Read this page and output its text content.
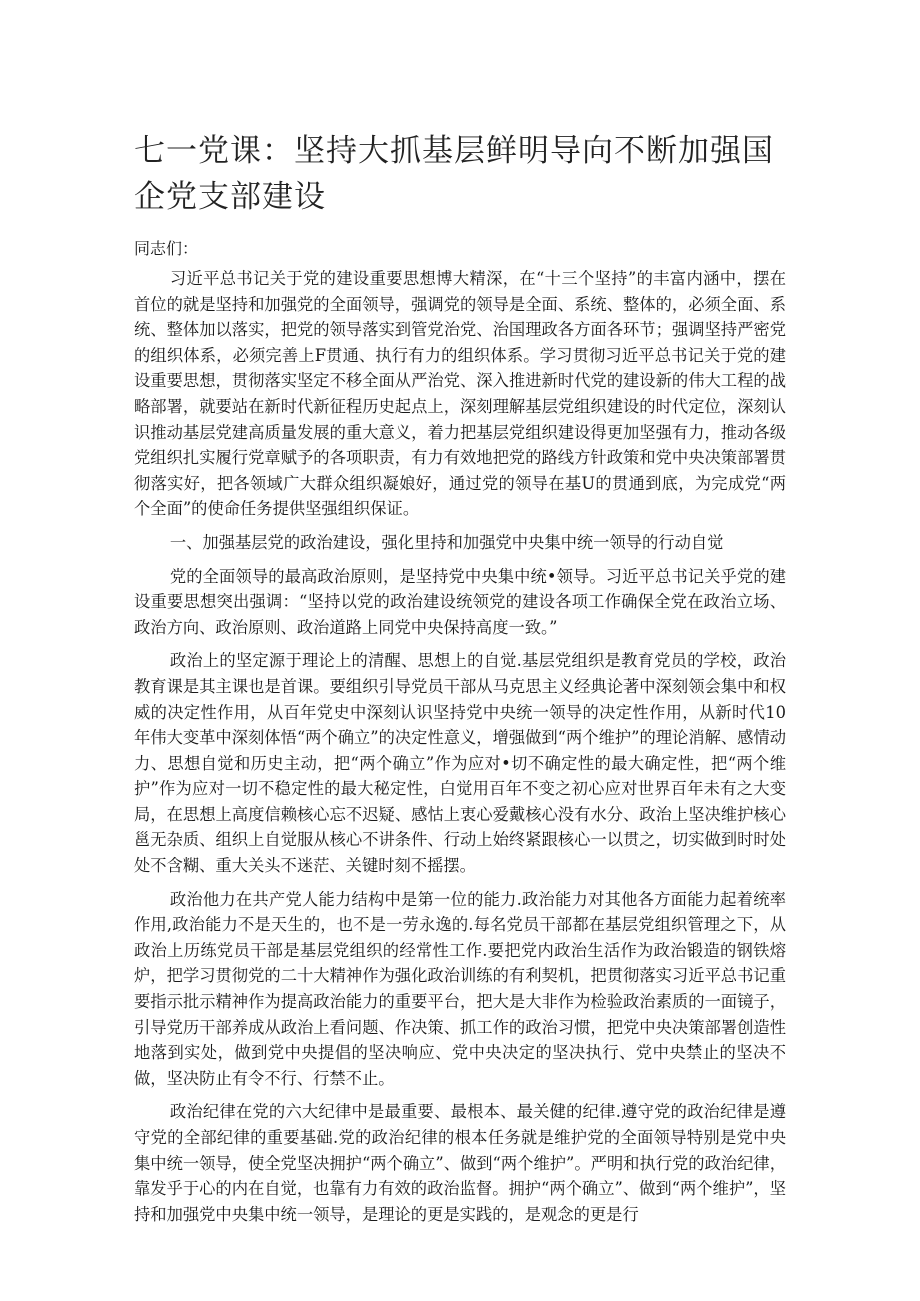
七一党课：坚持大抓基层鲜明导向不断加强国企党支部建设

同志们：

习近平总书记关于党的建设重要思想博大精深，在“十三个坚持”的丰富内涵中，摆在首位的就是坚持和加强党的全面领导，强调党的领导是全面、系统、整体的，必须全面、系统、整体加以落实，把党的领导落实到管党治党、治国理政各方面各环节；强调坚持严密党的组织体系，必须完善上F贯通、执行有力的组织体系。学习贯彻习近平总书记关于党的建设重要思想，贯彻落实坚定不移全面从严治党、深入推进新时代党的建设新的伟大工程的战略部署，就要站在新时代新征程历史起点上，深刻理解基层党组织建设的时代定位，深刻认识推动基层党建高质量发展的重大意义，着力把基层党组织建设得更加坚强有力，推动各级党组织扎实履行党章赋予的各项职责，有力有效地把党的路线方针政策和党中央决策部署贯彻落实好，把各领域广大群众组织凝娘好，通过党的领导在基U的贯通到底，为完成党“两个全面”的使命任务提供坚强组织保证。

一、加强基层党的政治建设，强化里持和加强党中央集中统一领导的行动自觉

党的全面领导的最高政治原则，是坚持党中央集中统•领导。习近平总书记关乎党的建设重要思想突出强调：“坚持以党的政治建设统领党的建设各项工作确保全党在政治立场、政治方向、政治原则、政治道路上同党中央保持高度一致。”

政治上的坚定源于理论上的清醒、思想上的自觉.基层党组织是教育党员的学校，政治教育课是其主课也是首课。要组织引导党员干部从马克思主义经典论著中深刻领会集中和权威的决定性作用，从百年党史中深刻认识坚持党中央统一领导的决定性作用，从新时代10年伟大变革中深刻体悟“两个确立”的决定性意义，增强做到“两个维护”的理论消解、感情动力、思想自觉和历史主动，把“两个确立”作为应对•切不确定性的最大确定性，把“两个维护”作为应对一切不稳定性的最大秘定性，白觉用百年不变之初心应对世界百年未有之大变局，在思想上高度信赖核心忘不迟疑、感怙上衷心爱戴核心没有水分、政治上坚决维护核心邕无杂质、组织上自觉服从核心不讲条件、行动上始终紧跟核心一以贯之，切实做到时时处处不含糊、重大关头不迷茫、关键时刻不摇摆。

政治他力在共产党人能力结构中是第一位的能力.政治能力对其他各方面能力起着统率作用,政治能力不是天生的，也不是一劳永逸的.每名党员干部都在基层党组织管理之下，从政治上历练党员干部是基层党组织的经常性工作.要把党内政治生活作为政治锻造的钢铁熔炉，把学习贯彻党的二十大精神作为强化政治训练的有利契机，把贯彻落实习近平总书记重要指示批示精神作为提高政治能力的重要平台，把大是大非作为检验政治素质的一面镜子，引导党历干部养成从政治上看问题、作决策、抓工作的政治习惯，把党中央决策部署创造性地落到实处，做到党中央提倡的坚决响应、党中央决定的坚决执行、党中央禁止的坚决不做，坚决防止有令不行、行禁不止。

政治纪律在党的六大纪律中是最重要、最根本、最关健的纪律.遵守党的政治纪律是遵守党的全部纪律的重要基础.党的政治纪律的根本任务就是维护党的全面领导特别是党中央集中统一领导，使全党坚决拥护“两个确立”、做到“两个维护”。严明和执行党的政治纪律，靠发乎于心的内在自觉，也靠有力有效的政治监督。拥护“两个确立”、做到“两个维护”，坚持和加强党中央集中统一领导，是理论的更是实践的，是观念的更是行
